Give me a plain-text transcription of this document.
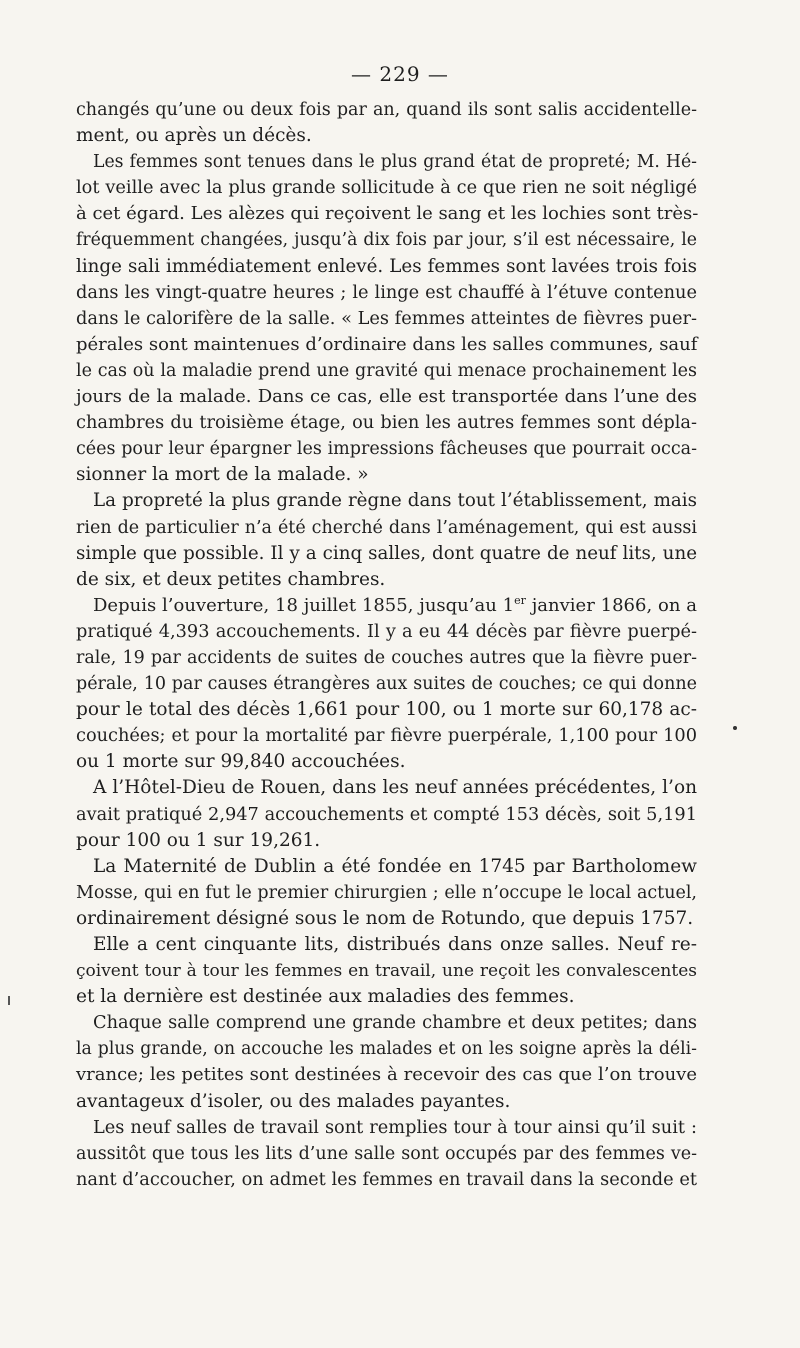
— 229 —
changés qu’une ou deux fois par an, quand ils sont salis accidentelle-
ment, ou après un décès.
Les femmes sont tenues dans le plus grand état de propreté; M. Hé-
lot veille avec la plus grande sollicitude à ce que rien ne soit négligé
à cet égard. Les alèzes qui reçoivent le sang et les lochies sont très-
fréquemment changées, jusqu’à dix fois par jour, s’il est nécessaire, le
linge sali immédiatement enlevé. Les femmes sont lavées trois fois
dans les vingt-quatre heures ; le linge est chauffé à l’étuve contenue
dans le calorifère de la salle. « Les femmes atteintes de fièvres puer-
pérales sont maintenues d’ordinaire dans les salles communes, sauf
le cas où la maladie prend une gravité qui menace prochainement les
jours de la malade. Dans ce cas, elle est transportée dans l’une des
chambres du troisième étage, ou bien les autres femmes sont dépla-
cées pour leur épargner les impressions fâcheuses que pourrait occa-
sionner la mort de la malade. »
La propreté la plus grande règne dans tout l’établissement, mais
rien de particulier n’a été cherché dans l’aménagement, qui est aussi
simple que possible. Il y a cinq salles, dont quatre de neuf lits, une
de six, et deux petites chambres.
Depuis l’ouverture, 18 juillet 1855, jusqu’au 1er janvier 1866, on a
pratiqué 4,393 accouchements. Il y a eu 44 décès par fièvre puerpé-
rale, 19 par accidents de suites de couches autres que la fièvre puer-
pérale, 10 par causes étrangères aux suites de couches; ce qui donne
pour le total des décès 1,661 pour 100, ou 1 morte sur 60,178 ac-
couchées; et pour la mortalité par fièvre puerpérale, 1,100 pour 100
ou 1 morte sur 99,840 accouchées.
A l’Hôtel-Dieu de Rouen, dans les neuf années précédentes, l’on
avait pratiqué 2,947 accouchements et compté 153 décès, soit 5,191
pour 100 ou 1 sur 19,261.
La Maternité de Dublin a été fondée en 1745 par Bartholomew
Mosse, qui en fut le premier chirurgien ; elle n’occupe le local actuel,
ordinairement désigné sous le nom de Rotundo, que depuis 1757.
Elle a cent cinquante lits, distribués dans onze salles. Neuf re-
çoivent tour à tour les femmes en travail, une reçoit les convalescentes
et la dernière est destinée aux maladies des femmes.
Chaque salle comprend une grande chambre et deux petites; dans
la plus grande, on accouche les malades et on les soigne après la déli-
vrance; les petites sont destinées à recevoir des cas que l’on trouve
avantageux d’isoler, ou des malades payantes.
Les neuf salles de travail sont remplies tour à tour ainsi qu’il suit :
aussitôt que tous les lits d’une salle sont occupés par des femmes ve-
nant d’accoucher, on admet les femmes en travail dans la seconde et
